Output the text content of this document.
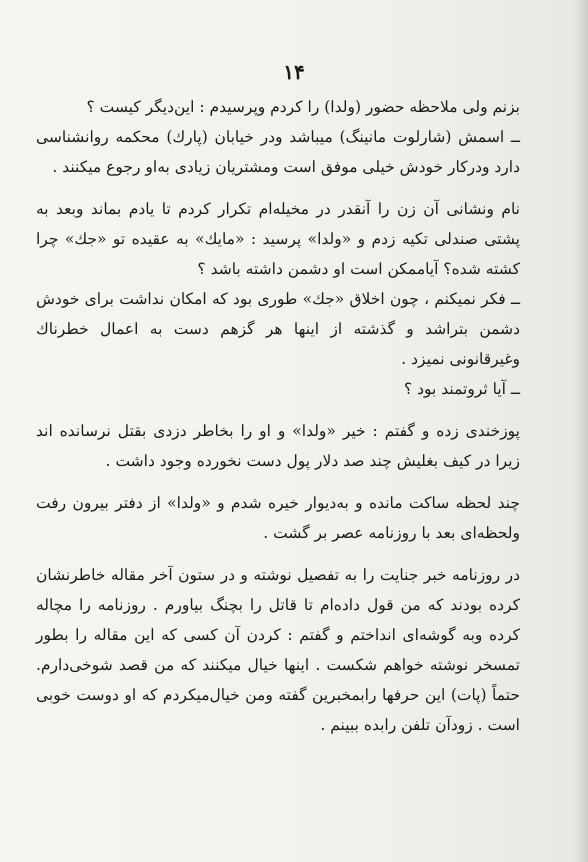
۱۴

بزنم ولی ملاحظه حضور (ولدا) را کردم وپرسیدم : این‌دیگر کیست ؟

ــ اسمش (شارلوت مانینگ) میباشد ودر خیابان (پارك) محکمه روانشناسی دارد ودرکار خودش خیلی موفق است ومشتریان زیادی به‌او رجوع میکنند .

نام ونشانی آن زن را آنقدر در مخیله‌ام تکرار کردم تا یادم بماند وبعد به پشتی صندلی تکیه زدم و «ولدا» پرسید : «مایك» به عقیده تو «جك» چرا کشته شده؟ آیاممکن است او دشمن داشته باشد ؟

ــ فکر نمیکنم ، چون اخلاق «جك» طوری بود که امکان نداشت برای خودش دشمن بتراشد و گذشته از اینها هر گزهم دست به اعمال خطرناك وغیرقانونی نمیزد .

ــ آیا ثروتمند بود ؟

پوزخندی زده و گفتم : خیر «ولدا» و او را بخاطر دزدی بقتل نرسانده اند زیرا در کیف بغلیش چند صد دلار پول دست نخورده وجود داشت .

چند لحظه ساکت مانده و به‌دیوار خیره شدم و «ولدا» از دفتر بیرون رفت ولحظه‌ای بعد با روزنامه عصر بر گشت .

در روزنامه خبر جنایت را به تفصیل نوشته و در ستون آخر مقاله خاطرنشان کرده بودند که من قول داده‌ام تا قاتل را بچنگ بیاورم . روزنامه را مچاله کرده وبه گوشه‌ای انداختم و گفتم : کردن آن کسی که این مقاله را بطور تمسخر نوشته خواهم شکست . اینها خیال میکنند که من قصد شوخی‌دارم. حتماً (پات) این حرفها رابمخبرین گفته ومن خیال‌میکردم که او دوست خوبی است . زودآن تلفن رابده ببینم .
